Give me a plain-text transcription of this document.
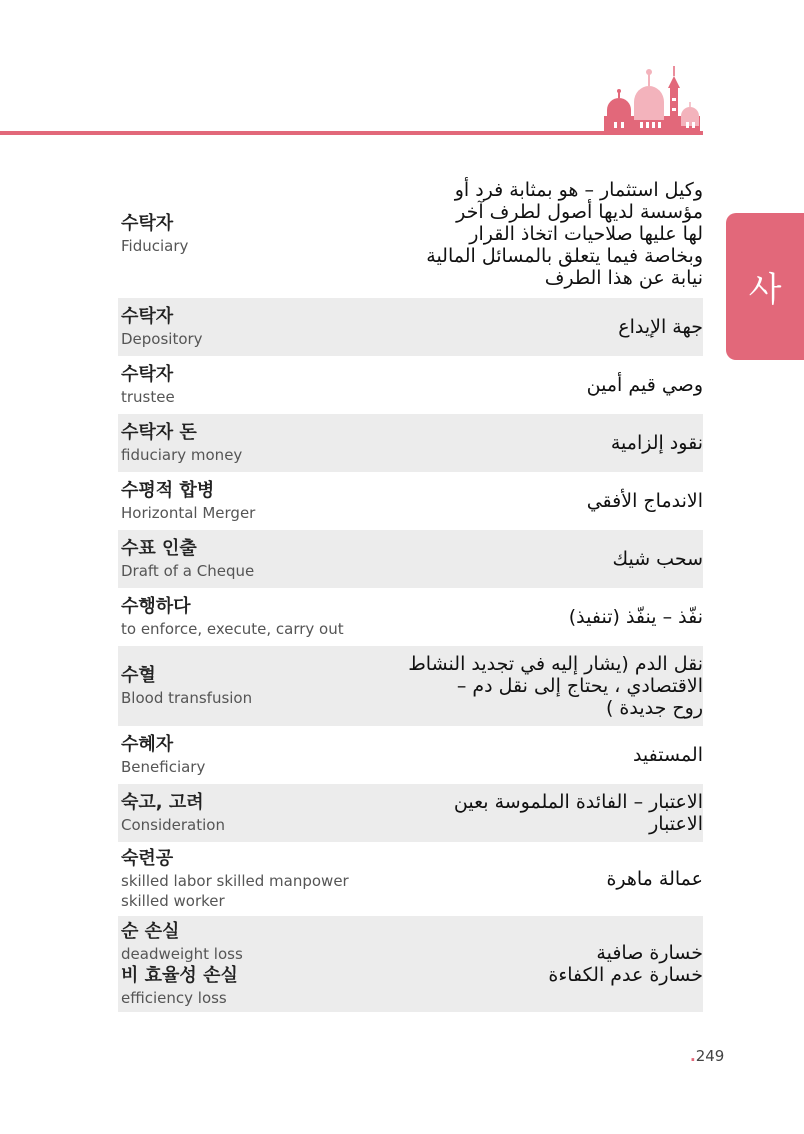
사
수탁자
Fiduciary
وكيل استثمار – هو بمثابة فرد أو
مؤسسة لديها أصول لطرف آخر
لها عليها صلاحيات اتخاذ القرار
وبخاصة فيما يتعلق بالمسائل المالية
نيابة عن هذا الطرف
수탁자
Depository
جهة الإيداع
수탁자
trustee
وصي قيم أمين
수탁자 돈
fiduciary money
نقود إلزامية
수평적 합병
Horizontal Merger
الاندماج الأفقي
수표 인출
Draft of a Cheque
سحب شيك
수행하다
to enforce, execute, carry out
نفّذ – ينفّذ (تنفيذ)
수혈
Blood transfusion
نقل الدم (يشار إليه في تجديد النشاط
الاقتصادي ، يحتاج إلى نقل دم –
روح جديدة )
수혜자
Beneficiary
المستفيد
숙고, 고려
Consideration
الاعتبار – الفائدة الملموسة بعين
الاعتبار
숙련공
skilled labor skilled manpower
skilled worker
عمالة ماهرة
순 손실
deadweight loss
비 효율성 손실
efficiency loss
خسارة صافية
خسارة عدم الكفاءة
.249
